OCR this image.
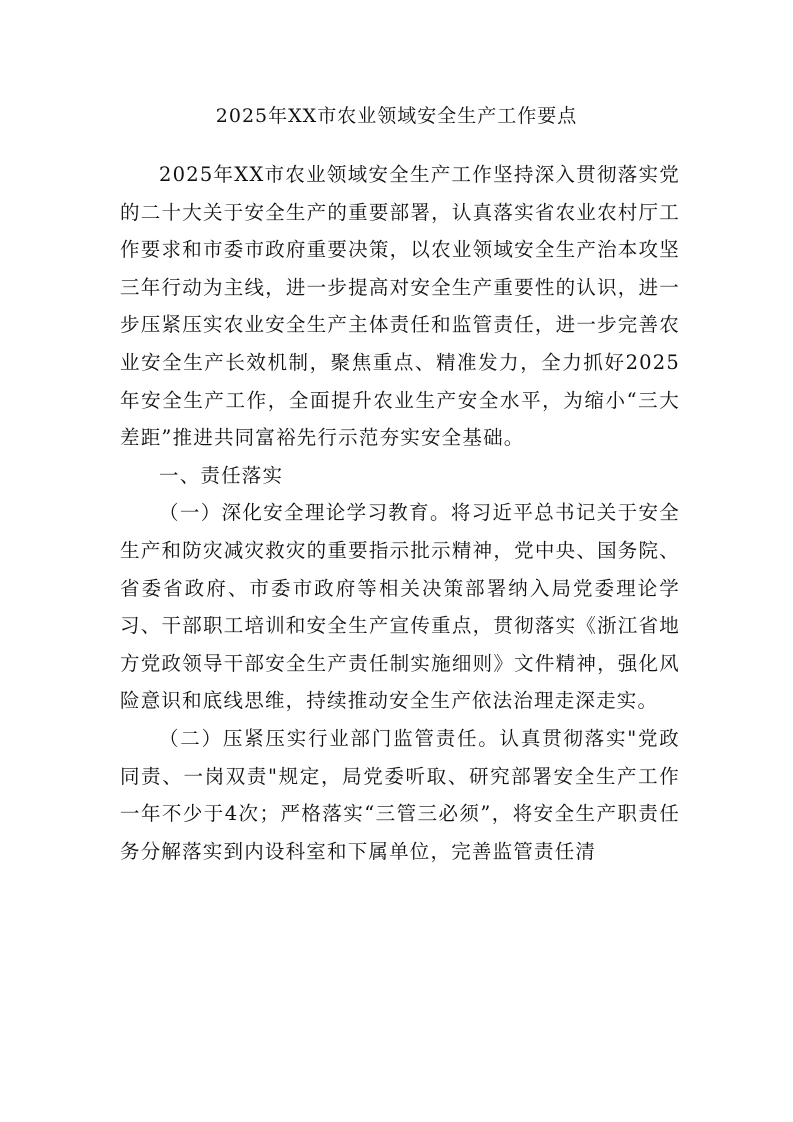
2025年XX市农业领域安全生产工作要点

2025年XX市农业领域安全生产工作坚持深入贯彻落实党的二十大关于安全生产的重要部署，认真落实省农业农村厅工作要求和市委市政府重要决策，以农业领域安全生产治本攻坚三年行动为主线，进一步提高对安全生产重要性的认识，进一步压紧压实农业安全生产主体责任和监管责任，进一步完善农业安全生产长效机制，聚焦重点、精准发力，全力抓好2025年安全生产工作，全面提升农业生产安全水平，为缩小“三大差距”推进共同富裕先行示范夯实安全基础。

一、责任落实

（一）深化安全理论学习教育。将习近平总书记关于安全生产和防灾减灾救灾的重要指示批示精神，党中央、国务院、省委省政府、市委市政府等相关决策部署纳入局党委理论学习、干部职工培训和安全生产宣传重点，贯彻落实《浙江省地方党政领导干部安全生产责任制实施细则》文件精神，强化风险意识和底线思维，持续推动安全生产依法治理走深走实。

（二）压紧压实行业部门监管责任。认真贯彻落实"党政同责、一岗双责"规定，局党委听取、研究部署安全生产工作一年不少于4次；严格落实“三管三必须”，将安全生产职责任务分解落实到内设科室和下属单位，完善监管责任清
